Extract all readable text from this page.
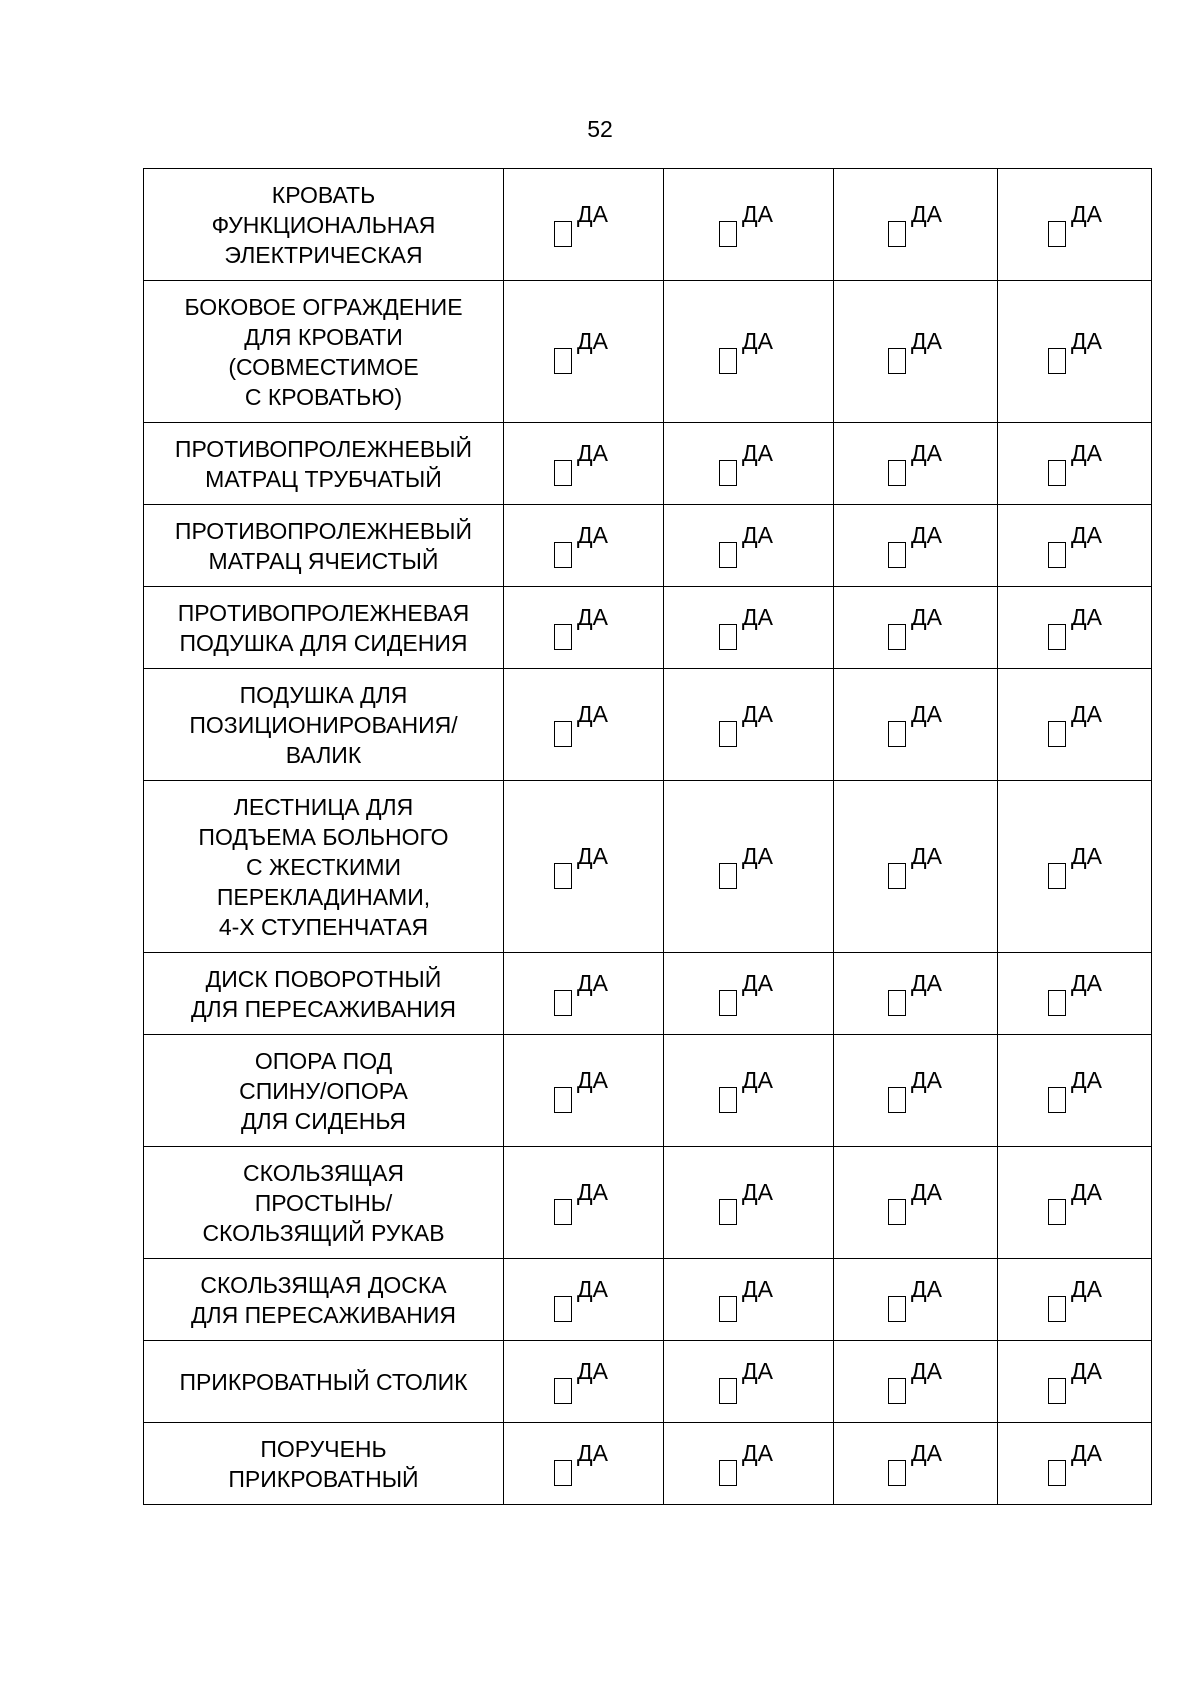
52
КРОВАТЬ
ФУНКЦИОНАЛЬНАЯ
ЭЛЕКТРИЧЕСКАЯ	ДА	ДА	ДА	ДА

БОКОВОЕ ОГРАЖДЕНИЕ
ДЛЯ КРОВАТИ
(СОВМЕСТИМОЕ
С КРОВАТЬЮ)	ДА	ДА	ДА	ДА

ПРОТИВОПРОЛЕЖНЕВЫЙ
МАТРАЦ ТРУБЧАТЫЙ	ДА	ДА	ДА	ДА

ПРОТИВОПРОЛЕЖНЕВЫЙ
МАТРАЦ ЯЧЕИСТЫЙ	ДА	ДА	ДА	ДА

ПРОТИВОПРОЛЕЖНЕВАЯ
ПОДУШКА ДЛЯ СИДЕНИЯ	ДА	ДА	ДА	ДА

ПОДУШКА ДЛЯ
ПОЗИЦИОНИРОВАНИЯ/
ВАЛИК	ДА	ДА	ДА	ДА

ЛЕСТНИЦА ДЛЯ
ПОДЪЕМА БОЛЬНОГО
С ЖЕСТКИМИ
ПЕРЕКЛАДИНАМИ,
4-Х СТУПЕНЧАТАЯ	ДА	ДА	ДА	ДА

ДИСК ПОВОРОТНЫЙ
ДЛЯ ПЕРЕСАЖИВАНИЯ	ДА	ДА	ДА	ДА

ОПОРА ПОД
СПИНУ/ОПОРА
ДЛЯ СИДЕНЬЯ	ДА	ДА	ДА	ДА

СКОЛЬЗЯЩАЯ
ПРОСТЫНЬ/
СКОЛЬЗЯЩИЙ РУКАВ	ДА	ДА	ДА	ДА

СКОЛЬЗЯЩАЯ ДОСКА
ДЛЯ ПЕРЕСАЖИВАНИЯ	ДА	ДА	ДА	ДА

ПРИКРОВАТНЫЙ СТОЛИК	ДА	ДА	ДА	ДА

ПОРУЧЕНЬ
ПРИКРОВАТНЫЙ	ДА	ДА	ДА	ДА
